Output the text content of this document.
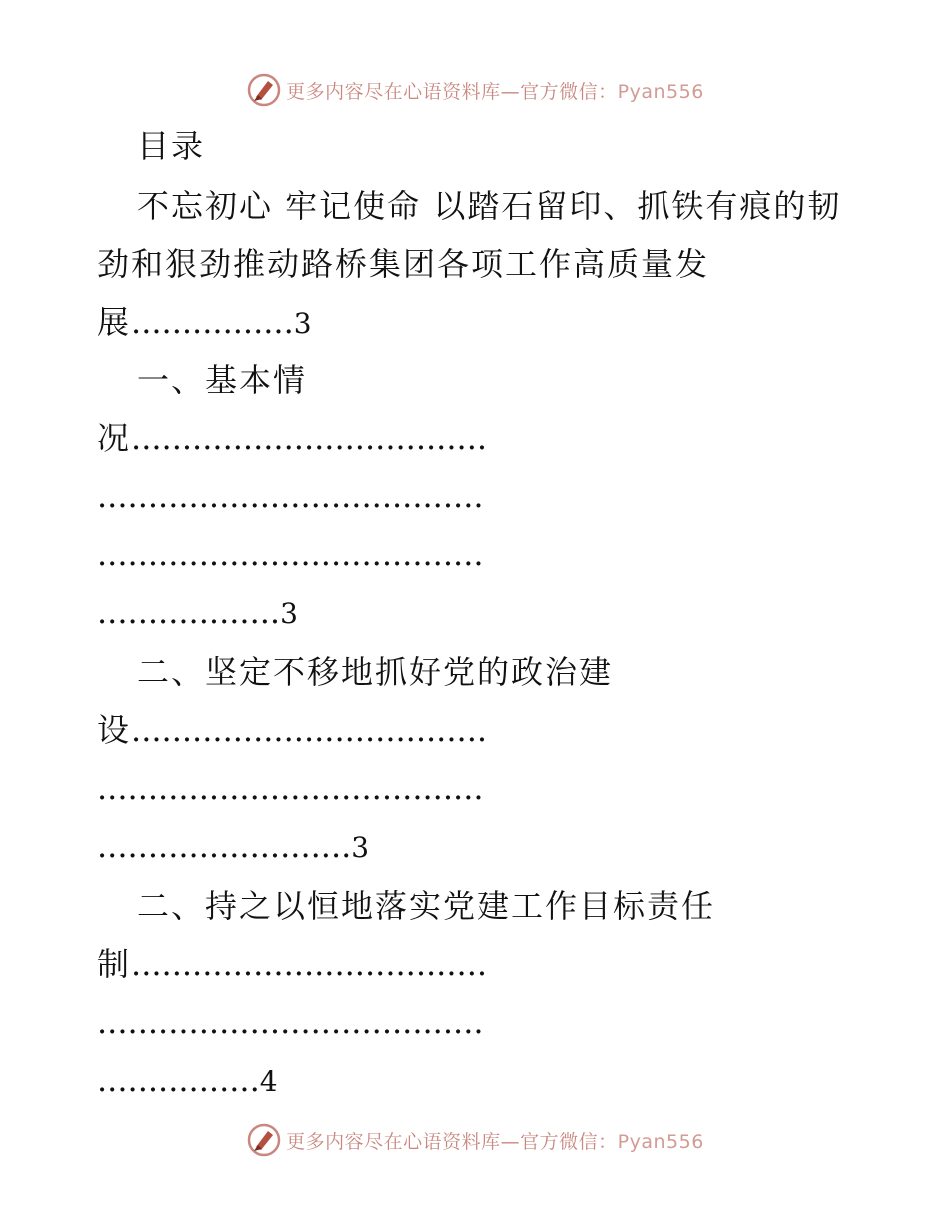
更多内容尽在心语资料库—官方微信：Pyan556
目录
不忘初心 牢记使命 以踏石留印、抓铁有痕的韧
劲和狠劲推动路桥集团各项工作高质量发
展................3
一、基本情
况...................................
......................................
......................................
..................3
二、坚定不移地抓好党的政治建
设...................................
......................................
.........................3
二、持之以恒地落实党建工作目标责任
制...................................
......................................
................4
更多内容尽在心语资料库—官方微信：Pyan556
